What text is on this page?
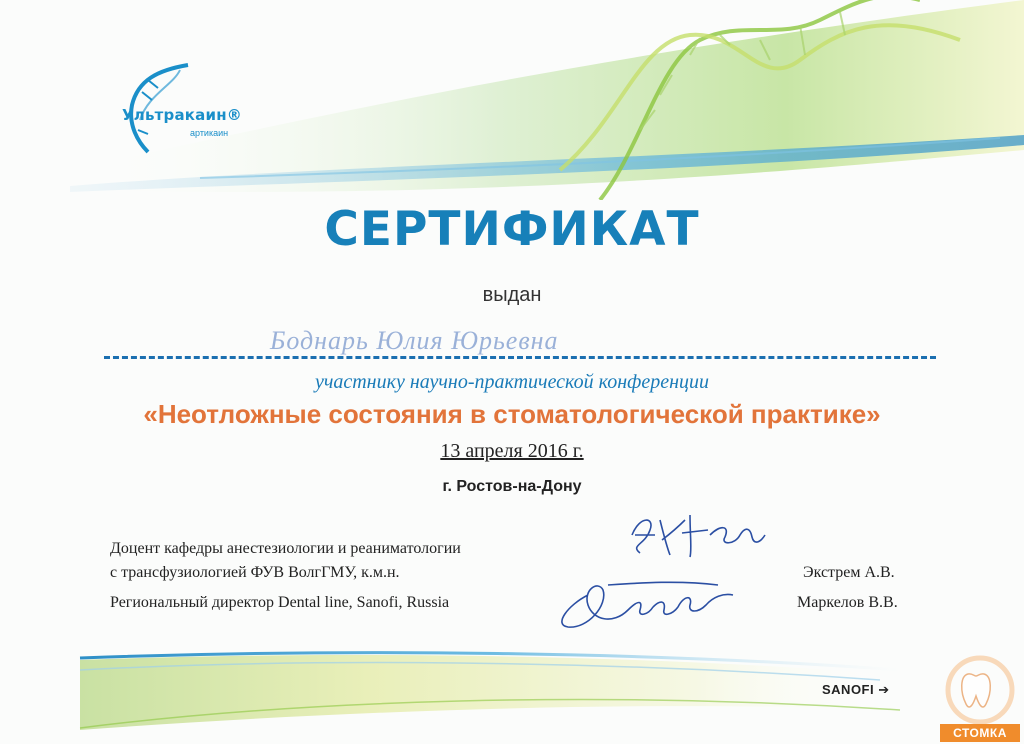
Ультракаин®
артикаин
СЕРТИФИКАТ
выдан
Боднарь Юлия Юрьевна
участнику научно-практической конференции
«Неотложные состояния в стоматологической практике»
13 апреля 2016 г.
г. Ростов-на-Дону
Доцент кафедры анестезиологии и реаниматологии
с трансфузиологией ФУВ ВолгГМУ, к.м.н.	Экстрем А.В.
Региональный директор Dental line, Sanofi, Russia	Маркелов В.В.
SANOFI ➔
СТОМКА
